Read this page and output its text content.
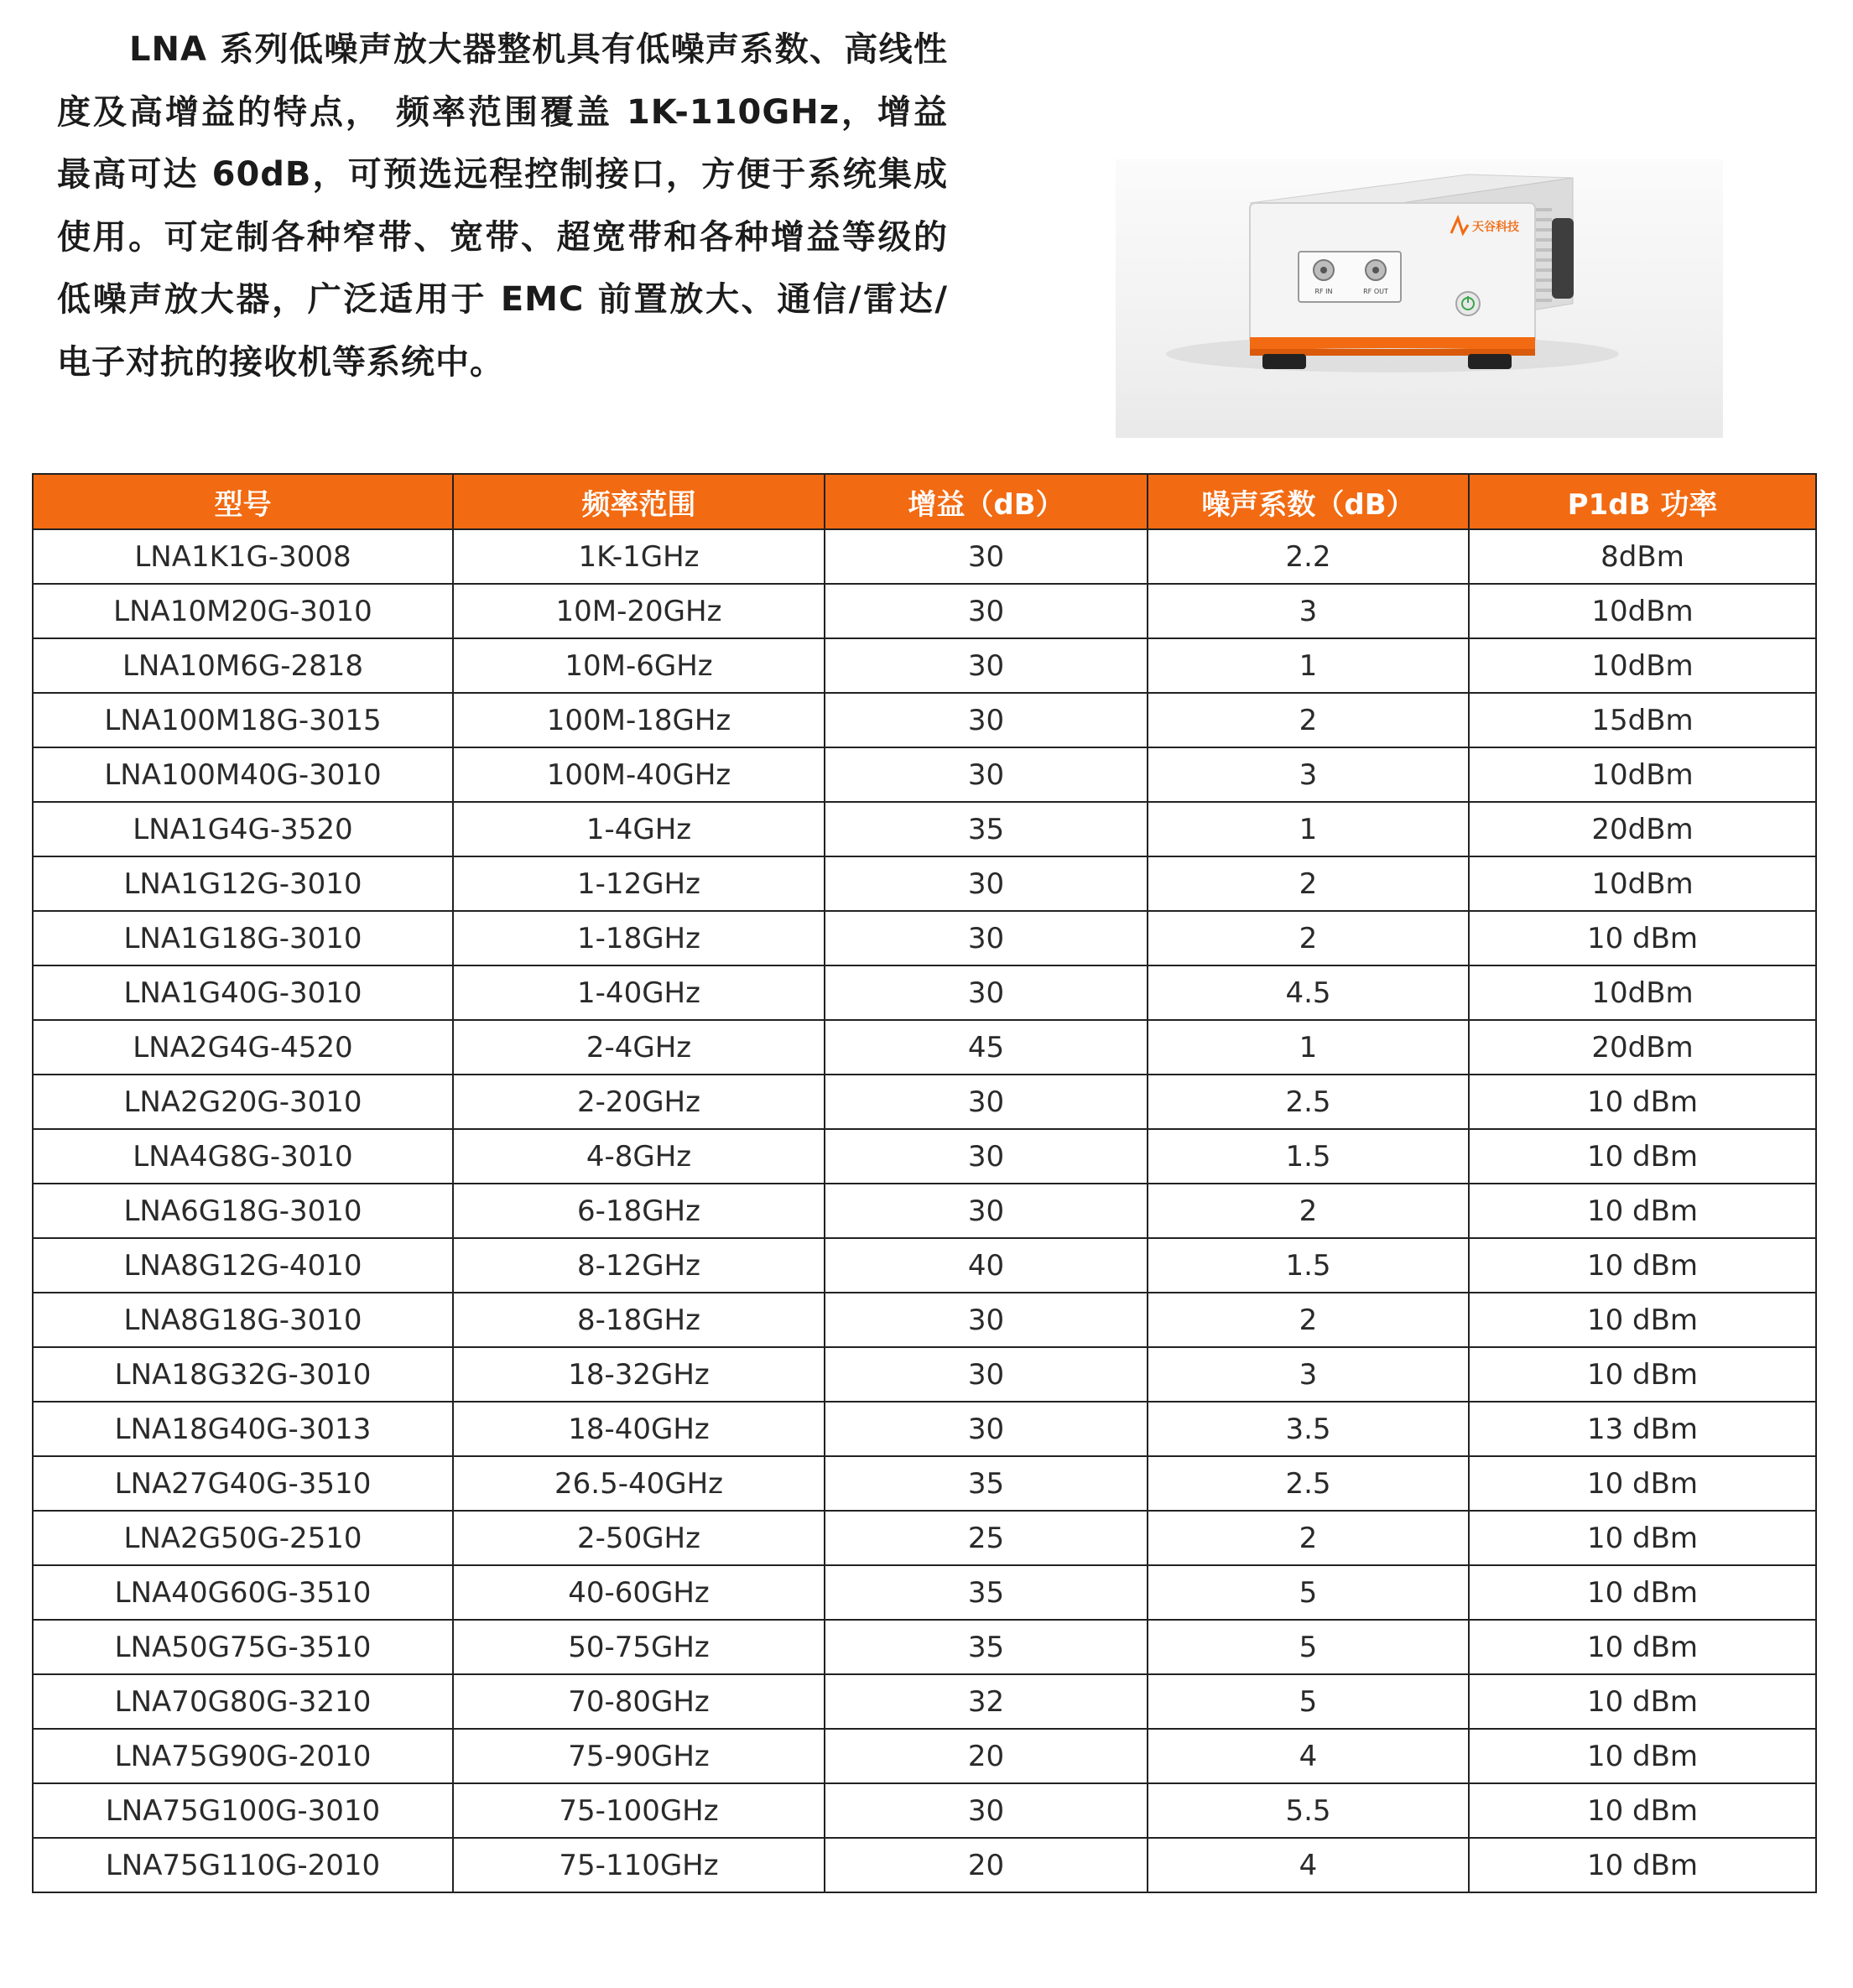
LNA 系列低噪声放大器整机具有低噪声系数、高线性度及高增益的特点， 频率范围覆盖 1K-110GHz，增益最高可达 60dB，可预选远程控制接口，方便于系统集成使用。可定制各种窄带、宽带、超宽带和各种增益等级的低噪声放大器，广泛适用于 EMC 前置放大、通信/雷达/电子对抗的接收机等系统中。
RF IN	RF OUT
天谷科技
型号	频率范围	增益（dB）	噪声系数（dB）	P1dB 功率
LNA1K1G-3008	1K-1GHz	30	2.2	8dBm
LNA10M20G-3010	10M-20GHz	30	3	10dBm
LNA10M6G-2818	10M-6GHz	30	1	10dBm
LNA100M18G-3015	100M-18GHz	30	2	15dBm
LNA100M40G-3010	100M-40GHz	30	3	10dBm
LNA1G4G-3520	1-4GHz	35	1	20dBm
LNA1G12G-3010	1-12GHz	30	2	10dBm
LNA1G18G-3010	1-18GHz	30	2	10 dBm
LNA1G40G-3010	1-40GHz	30	4.5	10dBm
LNA2G4G-4520	2-4GHz	45	1	20dBm
LNA2G20G-3010	2-20GHz	30	2.5	10 dBm
LNA4G8G-3010	4-8GHz	30	1.5	10 dBm
LNA6G18G-3010	6-18GHz	30	2	10 dBm
LNA8G12G-4010	8-12GHz	40	1.5	10 dBm
LNA8G18G-3010	8-18GHz	30	2	10 dBm
LNA18G32G-3010	18-32GHz	30	3	10 dBm
LNA18G40G-3013	18-40GHz	30	3.5	13 dBm
LNA27G40G-3510	26.5-40GHz	35	2.5	10 dBm
LNA2G50G-2510	2-50GHz	25	2	10 dBm
LNA40G60G-3510	40-60GHz	35	5	10 dBm
LNA50G75G-3510	50-75GHz	35	5	10 dBm
LNA70G80G-3210	70-80GHz	32	5	10 dBm
LNA75G90G-2010	75-90GHz	20	4	10 dBm
LNA75G100G-3010	75-100GHz	30	5.5	10 dBm
LNA75G110G-2010	75-110GHz	20	4	10 dBm
